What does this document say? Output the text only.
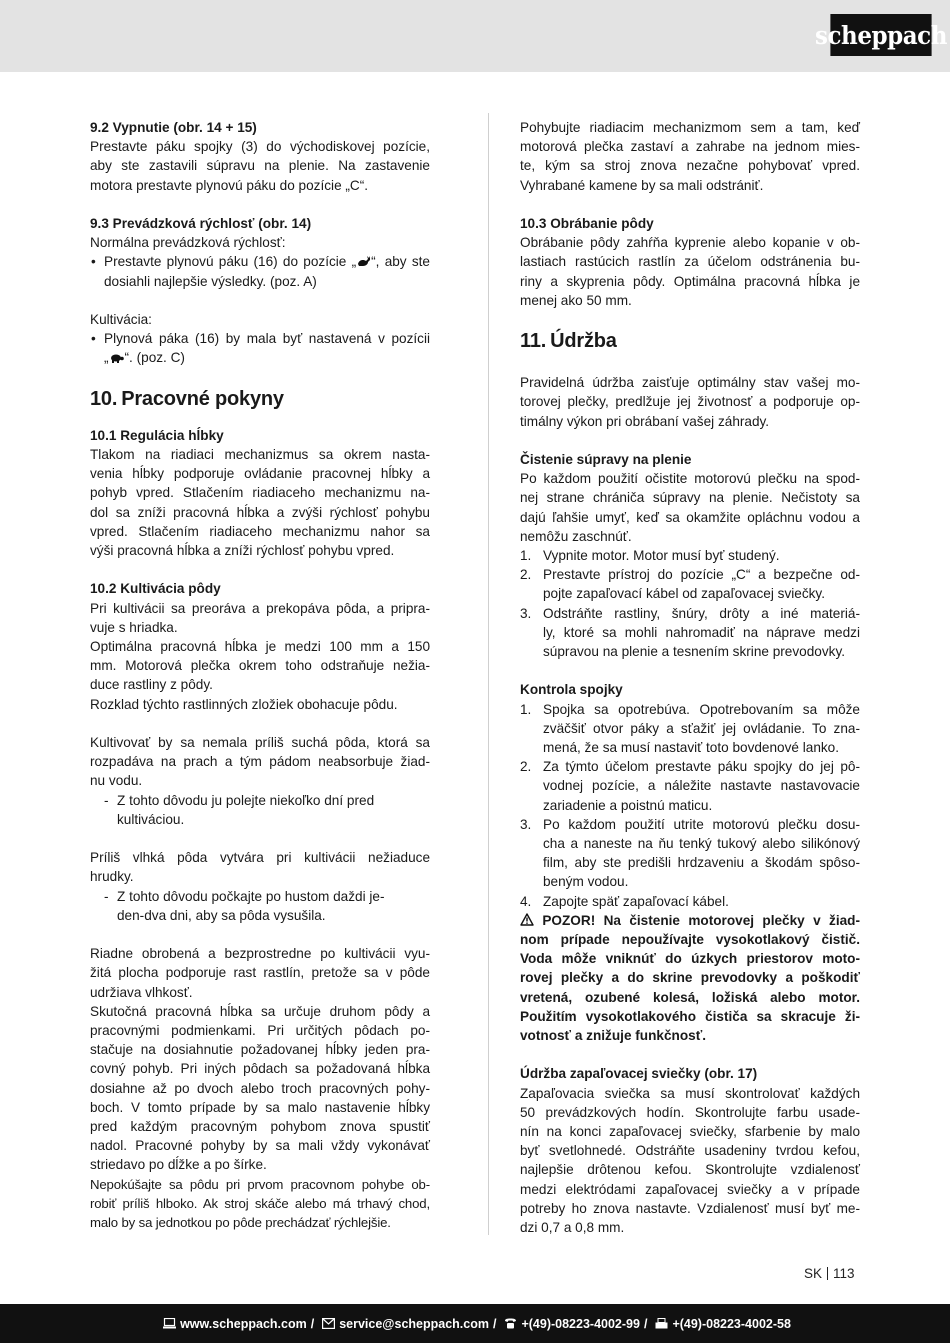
scheppach
9.2 Vypnutie (obr. 14 + 15)
Prestavte páku spojky (3) do východiskovej pozície,
aby ste zastavili súpravu na plenie. Na zastavenie
motora prestavte plynovú páku do pozície „C“.
9.3 Prevádzková rýchlosť (obr. 14)
Normálna prevádzková rýchlosť:
• Prestavte plynovú páku (16) do pozície „ “, aby ste
dosiahli najlepšie výsledky. (poz. A)
Kultivácia:
• Plynová páka (16) by mala byť nastavená v pozícii
„ “. (poz. C)
10. Pracovné pokyny
10.1 Regulácia hĺbky
Tlakom na riadiaci mechanizmus sa okrem nasta-
venia hĺbky podporuje ovládanie pracovnej hĺbky a
pohyb vpred. Stlačením riadiaceho mechanizmu na-
dol sa zníži pracovná hĺbka a zvýši rýchlosť pohybu
vpred. Stlačením riadiaceho mechanizmu nahor sa
výši pracovná hĺbka a zníži rýchlosť pohybu vpred.
10.2 Kultivácia pôdy
Pri kultivácii sa preoráva a prekopáva pôda, a pripra-
vuje s hriadka.
Optimálna pracovná hĺbka je medzi 100 mm a 150
mm. Motorová plečka okrem toho odstraňuje nežia-
duce rastliny z pôdy.
Rozklad týchto rastlinných zložiek obohacuje pôdu.
Kultivovať by sa nemala príliš suchá pôda, ktorá sa
rozpadáva na prach a tým pádom neabsorbuje žiad-
nu vodu.
- Z tohto dôvodu ju polejte niekoľko dní pred
kultiváciou.
Príliš vlhká pôda vytvára pri kultivácii nežiaduce
hrudky.
- Z tohto dôvodu počkajte po hustom daždi je-
den-dva dni, aby sa pôda vysušila.
Riadne obrobená a bezprostredne po kultivácii vyu-
žitá plocha podporuje rast rastlín, pretože sa v pôde
udržiava vlhkosť.
Skutočná pracovná hĺbka sa určuje druhom pôdy a
pracovnými podmienkami. Pri určitých pôdach po-
stačuje na dosiahnutie požadovanej hĺbky jeden pra-
covný pohyb. Pri iných pôdach sa požadovaná hĺbka
dosiahne až po dvoch alebo troch pracovných pohy-
boch. V tomto prípade by sa malo nastavenie hĺbky
pred každým pracovným pohybom znova spustiť
nadol. Pracovné pohyby by sa mali vždy vykonávať
striedavo po dĺžke a po šírke.
Nepokúšajte sa pôdu pri prvom pracovnom pohybe ob-
robiť príliš hlboko. Ak stroj skáče alebo má trhavý chod,
malo by sa jednotkou po pôde prechádzať rýchlejšie.
Pohybujte riadiacim mechanizmom sem a tam, keď
motorová plečka zastaví a zahrabe na jednom mies-
te, kým sa stroj znova nezačne pohybovať vpred.
Vyhrabané kamene by sa mali odstrániť.
10.3 Obrábanie pôdy
Obrábanie pôdy zahŕňa kyprenie alebo kopanie v ob-
lastiach rastúcich rastlín za účelom odstránenia bu-
riny a skyprenia pôdy. Optimálna pracovná hĺbka je
menej ako 50 mm.
11. Údržba
Pravidelná údržba zaisťuje optimálny stav vašej mo-
torovej plečky, predlžuje jej životnosť a podporuje op-
timálny výkon pri obrábaní vašej záhrady.
Čistenie súpravy na plenie
Po každom použití očistite motorovú plečku na spod-
nej strane chrániča súpravy na plenie. Nečistoty sa
dajú ľahšie umyť, keď sa okamžite opláchnu vodou a
nemôžu zaschnúť.
1. Vypnite motor. Motor musí byť studený.
2. Prestavte prístroj do pozície „C“ a bezpečne od-
pojte zapaľovací kábel od zapaľovacej sviečky.
3. Odstráňte rastliny, šnúry, drôty a iné materiá-
ly, ktoré sa mohli nahromadiť na náprave medzi
súpravou na plenie a tesnením skrine prevodovky.
Kontrola spojky
1. Spojka sa opotrebúva. Opotrebovaním sa môže
zväčšiť otvor páky a sťažiť jej ovládanie. To zna-
mená, že sa musí nastaviť toto bovdenové lanko.
2. Za týmto účelom prestavte páku spojky do jej pô-
vodnej pozície, a náležite nastavte nastavovacie
zariadenie a poistnú maticu.
3. Po každom použití utrite motorovú plečku dosu-
cha a naneste na ňu tenký tukový alebo silikónový
film, aby ste predišli hrdzaveniu a škodám spôso-
beným vodou.
4. Zapojte späť zapaľovací kábel.
POZOR! Na čistenie motorovej plečky v žiad-
nom prípade nepoužívajte vysokotlakový čistič.
Voda môže vniknúť do úzkych priestorov moto-
rovej plečky a do skrine prevodovky a poškodiť
vretená, ozubené kolesá, ložiská alebo motor.
Použitím vysokotlakového čističa sa skracuje ži-
votnosť a znižuje funkčnosť.
Údržba zapaľovacej sviečky (obr. 17)
Zapaľovacia sviečka sa musí skontrolovať každých
50 prevádzkových hodín. Skontrolujte farbu usade-
nín na konci zapaľovacej sviečky, sfarbenie by malo
byť svetlohnedé. Odstráňte usadeniny tvrdou kefou,
najlepšie drôtenou kefou. Skontrolujte vzdialenosť
medzi elektródami zapaľovacej sviečky a v prípade
potreby ho znova nastavte. Vzdialenosť musí byť me-
dzi 0,7 a 0,8 mm.
SK 113
www.scheppach.com / service@scheppach.com / +(49)-08223-4002-99 / +(49)-08223-4002-58
